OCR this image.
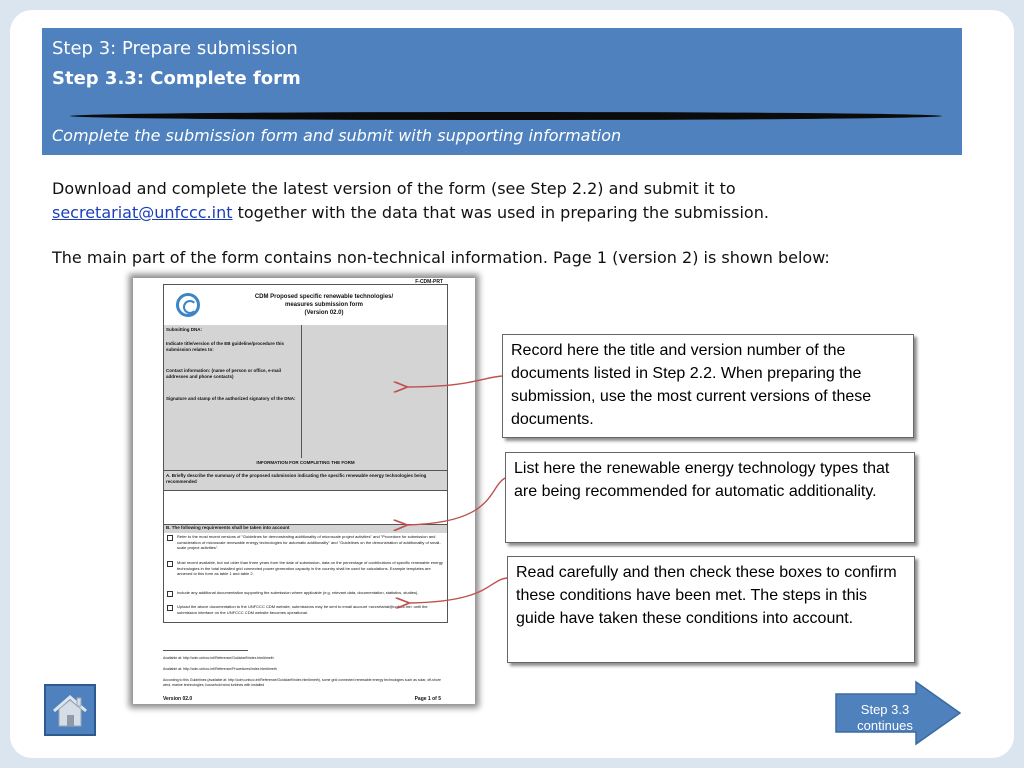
Step 3: Prepare submission
Step 3.3: Complete form
Complete the submission form and submit with supporting information
Download and complete the latest version of the form (see Step 2.2) and submit it to
secretariat@unfccc.int together with the data that was used in preparing the submission.
The main part of the form contains non-technical information. Page 1 (version 2) is shown below:
F-CDM-PRT
CDM Proposed specific renewable technologies/
measures submission form
(Version 02.0)
Submitting DNA:
Indicate title/version of the EB guideline/procedure this submission relates to:
Contact information: (name of person or office, e-mail addresses and phone contacts)
Signature and stamp of the authorized signatory of the DNA:
INFORMATION FOR COMPLETING THE FORM
A. Briefly describe the summary of the proposed submission indicating the specific renewable energy technologies being recommended
B. The following requirements shall be taken into account
Refer to the most recent versions of "Guidelines for demonstrating additionality of microscale project activities" and "Procedure for submission and consideration of microscale renewable energy technologies for automatic additionality" and "Guidelines on the demonstration of additionality of small-scale project activities".
Most recent available, but not older than three years from the date of submission, data on the percentage of contributions of specific renewable energy technologies in the total installed grid connected power generation capacity in the country shall be used for calculations. Example templates are annexed to this form as table 1 and table 2.
Include any additional documentation supporting the submission where applicable (e.g. relevant data, documentation, statistics, studies).
Upload the above documentation to the UNFCCC CDM website, submissions may be sent to email account <secretariat@unfccc.int> until the submission interface on the UNFCCC CDM website becomes operational.
Available at: http://cdm.unfccc.int/Reference/Guidclarif/index.html#meth
Available at: http://cdm.unfccc.int/Reference/Procedures/index.html#meth
According to this Guidelines (available at: http://cdm.unfccc.int/Reference/Guidclarif/index.html#meth), some grid connected renewable energy technologies such as solar, off-shore wind, marine technologies, household wind turbines with installed
Version 02.0	Page 1 of 5
Record here the title and version number of the documents listed in Step 2.2. When preparing the submission, use the most current versions of these documents.
List here the renewable energy technology types that are being recommended for automatic additionality.
Read carefully and then check these boxes to confirm these conditions have been met. The steps in this guide have taken these conditions into account.
Step 3.3
continues
